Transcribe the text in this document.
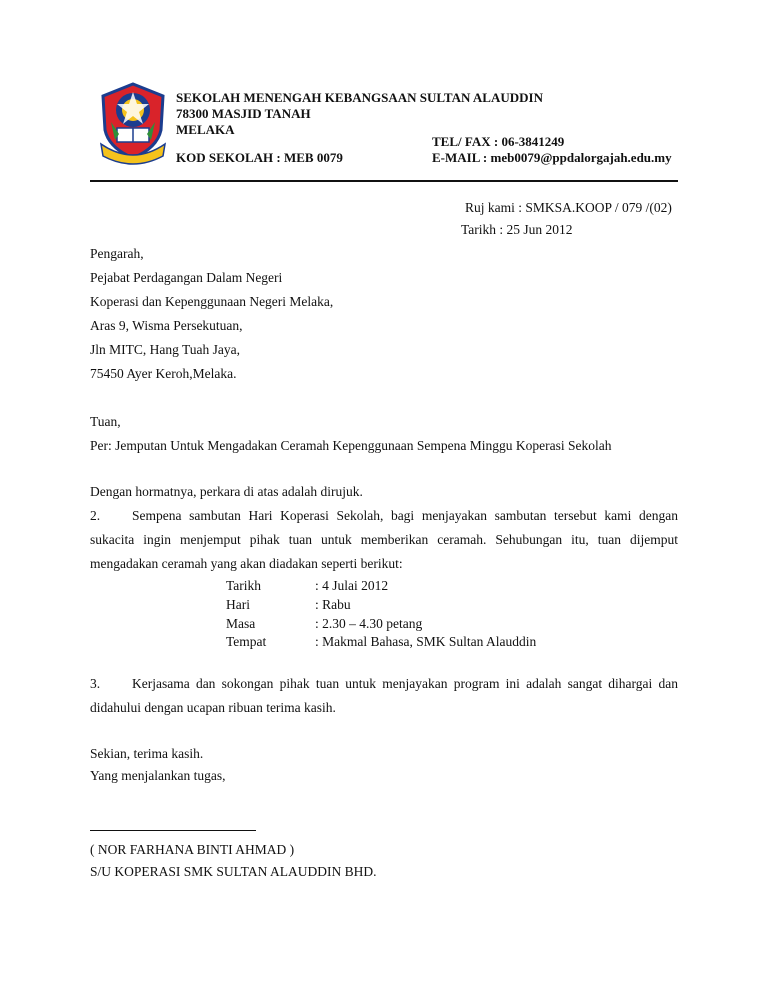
SEKOLAH MENENGAH KEBANGSAAN SULTAN ALAUDDIN
78300 MASJID TANAH
MELAKA
KOD SEKOLAH : MEB 0079
TEL/ FAX : 06-3841249
E-MAIL : meb0079@ppdalorgajah.edu.my
Ruj kami : SMKSA.KOOP / 079 /(02)
Tarikh : 25 Jun 2012
Pengarah,
Pejabat Perdagangan Dalam Negeri
Koperasi dan Kepenggunaan Negeri Melaka,
Aras 9, Wisma Persekutuan,
Jln MITC, Hang Tuah Jaya,
75450 Ayer Keroh,Melaka.
Tuan,
Per: Jemputan Untuk Mengadakan Ceramah Kepenggunaan Sempena Minggu Koperasi Sekolah
Dengan hormatnya, perkara di atas adalah dirujuk.
2. Sempena sambutan Hari Koperasi Sekolah, bagi menjayakan sambutan tersebut kami dengan sukacita ingin menjemput pihak tuan untuk memberikan ceramah. Sehubungan itu, tuan dijemput mengadakan ceramah yang akan diadakan seperti berikut:
Tarikh	: 4 Julai 2012
Hari	: Rabu
Masa	: 2.30 – 4.30 petang
Tempat	: Makmal Bahasa, SMK Sultan Alauddin
3. Kerjasama dan sokongan pihak tuan untuk menjayakan program ini adalah sangat dihargai dan didahului dengan ucapan ribuan terima kasih.
Sekian, terima kasih.
Yang menjalankan tugas,
( NOR FARHANA BINTI AHMAD )
S/U KOPERASI SMK SULTAN ALAUDDIN BHD.
